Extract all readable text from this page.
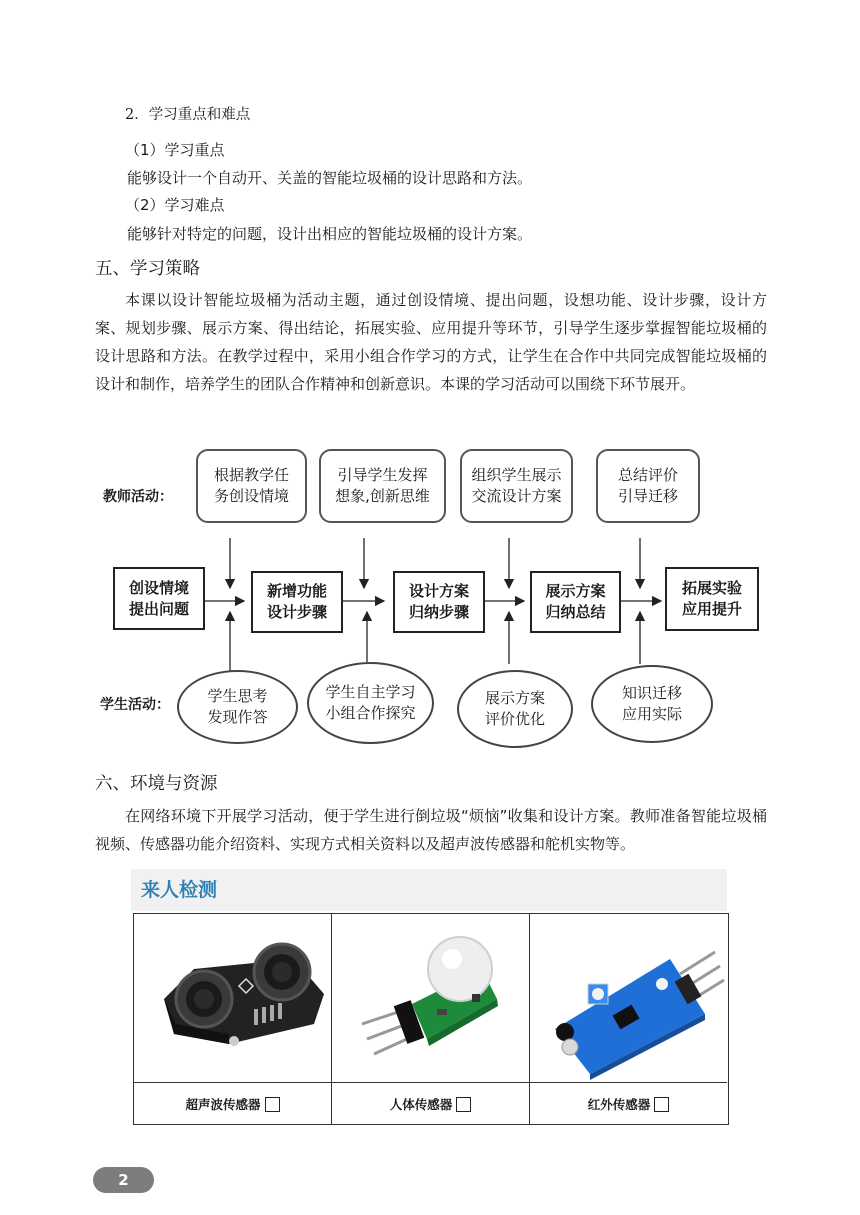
2．学习重点和难点
（1）学习重点
能够设计一个自动开、关盖的智能垃圾桶的设计思路和方法。
（2）学习难点
能够针对特定的问题，设计出相应的智能垃圾桶的设计方案。
五、学习策略
本课以设计智能垃圾桶为活动主题，通过创设情境、提出问题，设想功能、设计步骤，设计方案、规划步骤、展示方案、得出结论，拓展实验、应用提升等环节，引导学生逐步掌握智能垃圾桶的设计思路和方法。在教学过程中，采用小组合作学习的方式，让学生在合作中共同完成智能垃圾桶的设计和制作，培养学生的团队合作精神和创新意识。本课的学习活动可以围绕下环节展开。
教师活动：
学生活动：
根据教学任
务创设情境
引导学生发挥
想象,创新思维
组织学生展示
交流设计方案
总结评价
引导迁移
创设情境
提出问题
新增功能
设计步骤
设计方案
归纳步骤
展示方案
归纳总结
拓展实验
应用提升
学生思考
发现作答
学生自主学习
小组合作探究
展示方案
评价优化
知识迁移
应用实际
六、环境与资源
在网络环境下开展学习活动，便于学生进行倒垃圾“烦恼”收集和设计方案。教师准备智能垃圾桶视频、传感器功能介绍资料、实现方式相关资料以及超声波传感器和舵机实物等。
来人检测
超声波传感器	人体传感器	红外传感器
2
